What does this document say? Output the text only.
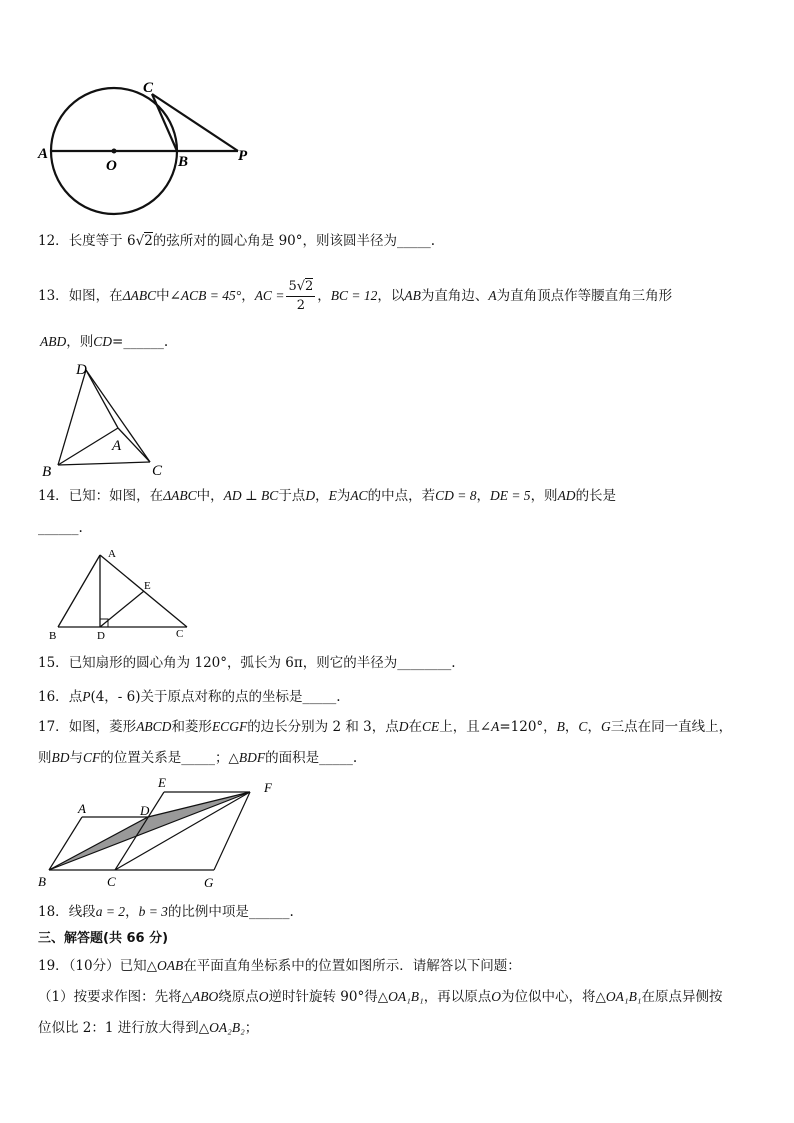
A
O	B	P
C
12．长度等于 6√2的弦所对的圆心角是 90°，则该圆半径为_____.
13．如图，在ΔABC中∠ACB = 45°，AC = $\frac{5√2}{2}$ ，BC = 12，以AB为直角边、A为直角顶点作等腰直角三角形
ABD，则CD=______.
D
A
B	C
14．已知：如图，在ΔABC中，AD ⊥ BC于点D，E为AC的中点，若CD = 8，DE = 5，则AD的长是
______.
A
E
B	D	C
15．已知扇形的圆心角为 120°，弧长为 6π，则它的半径为________.
16．点P(4，- 6)关于原点对称的点的坐标是_____.
17．如图，菱形ABCD和菱形ECGF的边长分别为 2 和 3，点D在CE上，且∠A=120°，B，C，G三点在同一直线上，
则BD与CF的位置关系是_____；△BDF的面积是_____.
E	F
A	D
B	C	G
18．线段a = 2，b = 3的比例中项是______.
三、解答题(共 66 分)
19．（10分）已知△OAB在平面直角坐标系中的位置如图所示．请解答以下问题：
（1）按要求作图：先将△ABO绕原点O逆时针旋转 90°得△OA₁B₁，再以原点O为位似中心，将△OA₁B₁在原点异侧按
位似比 2：1 进行放大得到△OA₂B₂；
